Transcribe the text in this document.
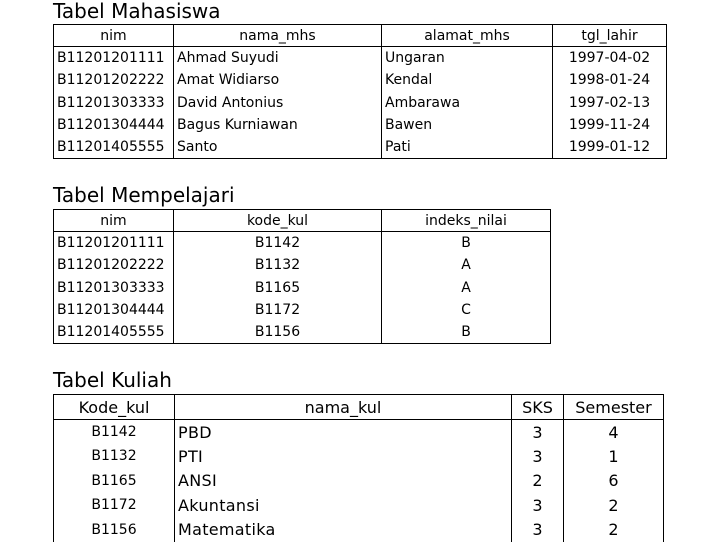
Tabel Mahasiswa
nim	nama_mhs	alamat_mhs	tgl_lahir
B11201201111	Ahmad Suyudi	Ungaran	1997-04-02
B11201202222	Amat Widiarso	Kendal	1998-01-24
B11201303333	David Antonius	Ambarawa	1997-02-13
B11201304444	Bagus Kurniawan	Bawen	1999-11-24
B11201405555	Santo	Pati	1999-01-12
Tabel Mempelajari
nim	kode_kul	indeks_nilai
B11201201111	B1142	B
B11201202222	B1132	A
B11201303333	B1165	A
B11201304444	B1172	C
B11201405555	B1156	B
Tabel Kuliah
Kode_kul	nama_kul	SKS	Semester
B1142	PBD	3	4
B1132	PTI	3	1
B1165	ANSI	2	6
B1172	Akuntansi	3	2
B1156	Matematika	3	2
